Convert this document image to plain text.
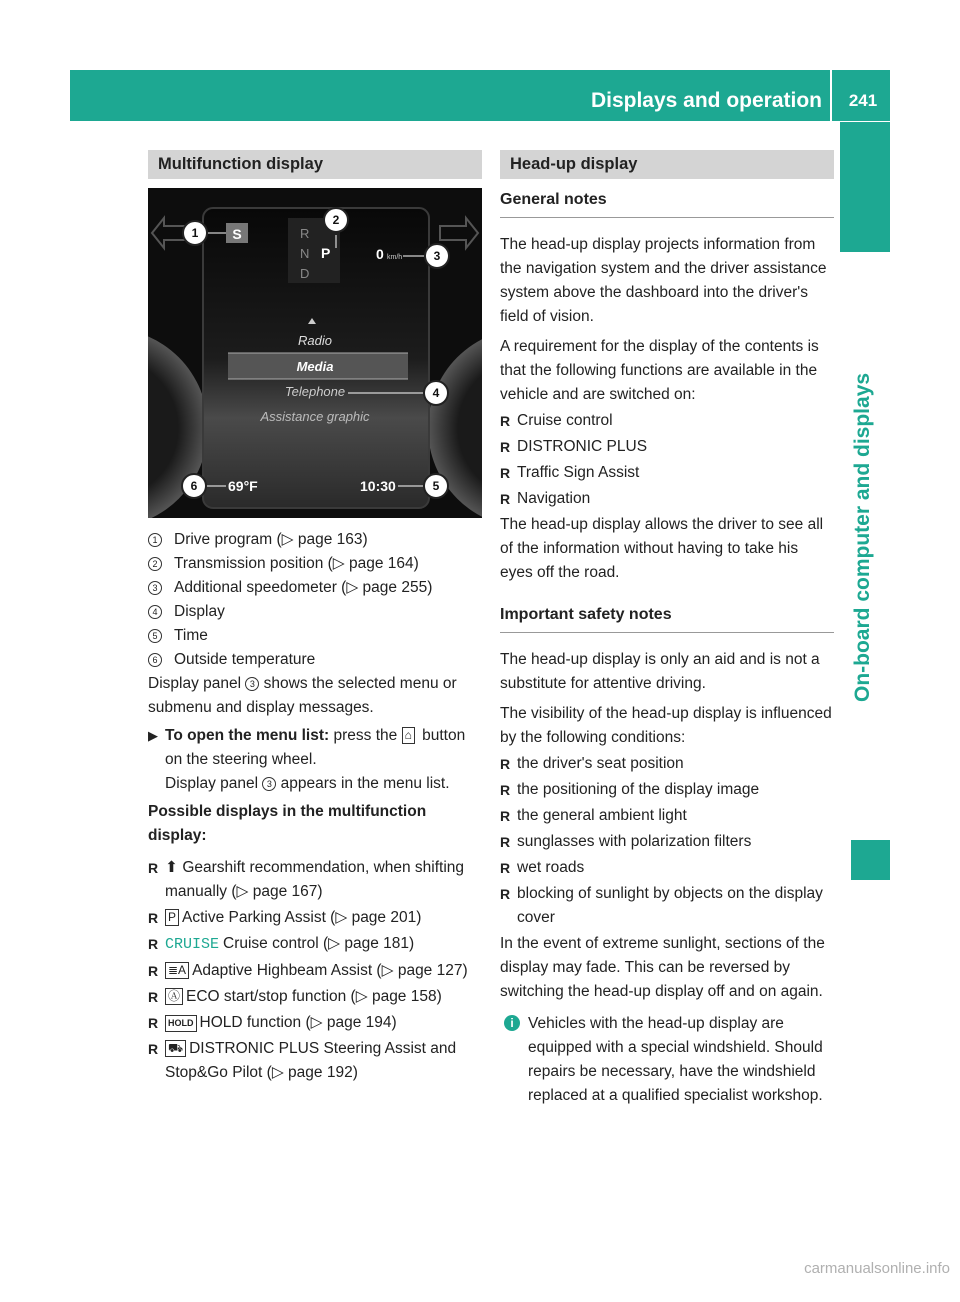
Displays and operation	241
On-board computer and displays
Multifunction display
S	R
N P
D
0 km/h
Radio
Media
Telephone
Assistance graphic
69°F	10:30
1
2
3
4
5
6
1	Drive program (▷ page 163)
2	Transmission position (▷ page 164)
3	Additional speedometer (▷ page 255)
4	Display
5	Time
6	Outside temperature

Display panel 3 shows the selected menu or submenu and display messages.

▶ To open the menu list: press the ⌂ button on the steering wheel.
Display panel 3 appears in the menu list.

Possible displays in the multifunction display:

R ⬆ Gearshift recommendation, when shifting manually (▷ page 167)
R P Active Parking Assist (▷ page 201)
R CRUISE Cruise control (▷ page 181)
R ≣A Adaptive Highbeam Assist (▷ page 127)
R Ⓐ ECO start/stop function (▷ page 158)
R	HOLD HOLD function (▷ page 194)
R ⛟ DISTRONIC PLUS Steering Assist and Stop&Go Pilot (▷ page 192)
Head-up display
General notes

The head-up display projects information from the navigation system and the driver assistance system above the dashboard into the driver's field of vision.

A requirement for the display of the contents is that the following functions are available in the vehicle and are switched on:

R Cruise control
R DISTRONIC PLUS
R Traffic Sign Assist
R Navigation

The head-up display allows the driver to see all of the information without having to take his eyes off the road.

Important safety notes

The head-up display is only an aid and is not a substitute for attentive driving.

The visibility of the head-up display is influenced by the following conditions:

R the driver's seat position
R the positioning of the display image
R the general ambient light
R sunglasses with polarization filters
R wet roads
R blocking of sunlight by objects on the display cover

In the event of extreme sunlight, sections of the display may fade. This can be reversed by switching the head-up display off and on again.

i Vehicles with the head-up display are equipped with a special windshield. Should repairs be necessary, have the windshield replaced at a qualified specialist workshop.
carmanualsonline.info
